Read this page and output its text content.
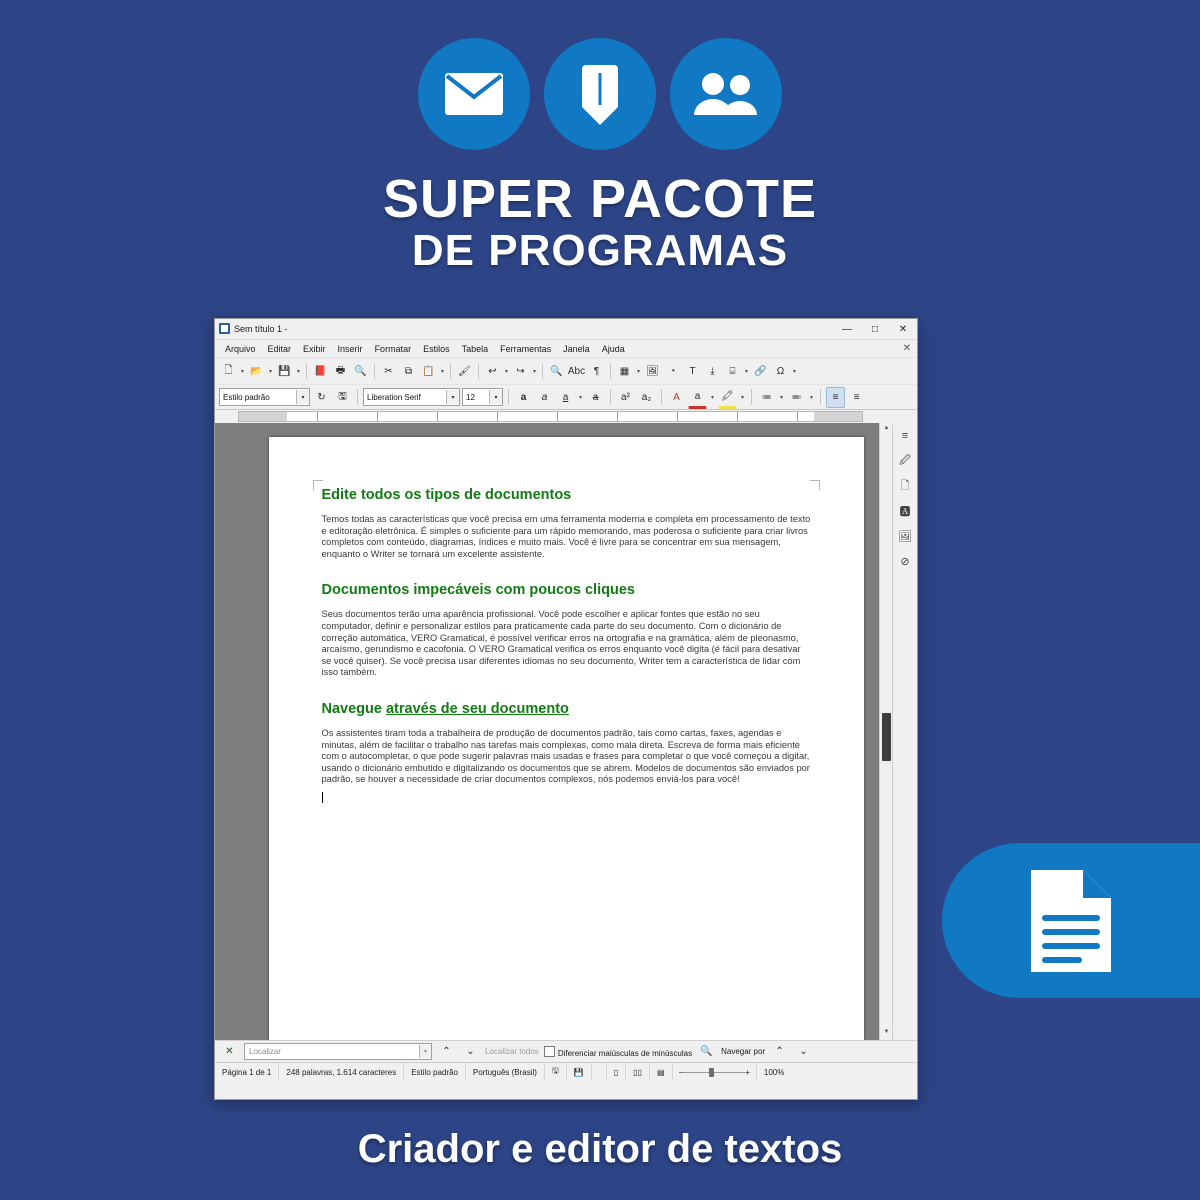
SUPER PACOTE
DE PROGRAMAS
Criador e editor de textos
Sem título 1 -	—	□	✕
Arquivo	Editar	Exibir	Inserir	Formatar	Estilos	Tabela	Ferramentas	Janela	Ajuda	✕
🗋	▾ 📂	▾ 💾	▾	📕 🖶 🔍	✂	⧉	📋	▾	🖌	↩	▾ ↪	▾	🔍 Abc ¶	▦	▾ 🖼	◔	T	⤓	⌸	▾ 🔗	Ω	▾
Estilo padrão	▾	↻	🖫	Liberation Serif	▾	12	▾	a	a	a	▾	a	a²	a₂	A	a	▾ 🖍	▾	≔	▾ ≕	▾	≡	≡
Edite todos os tipos de documentos

Temos todas as características que você precisa em uma ferramenta moderna e completa em processamento de texto e editoração eletrônica. É simples o suficiente para um rápido memorando, mas poderosa o suficiente para criar livros completos com conteúdo, diagramas, índices e muito mais. Você é livre para se concentrar em sua mensagem, enquanto o Writer se tornará um excelente assistente.

Documentos impecáveis com poucos cliques

Seus documentos terão uma aparência profissional. Você pode escolher e aplicar fontes que estão no seu computador, definir e personalizar estilos para praticamente cada parte do seu documento. Com o dicionário de correção automática, VERO Gramatical, é possível verificar erros na ortografia e na gramática, além de pleonasmo, arcaísmo, gerundismo e cacofonia. O VERO Gramatical verifica os erros enquanto você digita (é fácil para desativar se você quiser). Se você precisa usar diferentes idiomas no seu documento, Writer tem a característica de lidar com isso também.

Navegue através de seu documento

Os assistentes tiram toda a trabalheira de produção de documentos padrão, tais como cartas, faxes, agendas e minutas, além de facilitar o trabalho nas tarefas mais complexas, como mala direta. Escreva de forma mais eficiente com o autocompletar, o que pode sugerir palavras mais usadas e frases para completar o que você começou a digitar, usando o dicionário embutido e digitalizando os documentos que se abrem. Modelos de documentos são enviados por padrão, se houver a necessidade de criar documentos complexos, nós podemos enviá-los para você!

▲
▼
≡
🖉
🗋
🅰
🖼
⊘
✕	Localizar	▾	⌃	⌄	Localizar todos	Diferenciar maiúsculas de minúsculas 🔍	Navegar por	⌃	⌄
Página 1 de 1	248 palavras, 1.614 caracteres	Estilo padrão	Português (Brasil)	🖫	💾	▯	▯▯	▤	−	+	100%
